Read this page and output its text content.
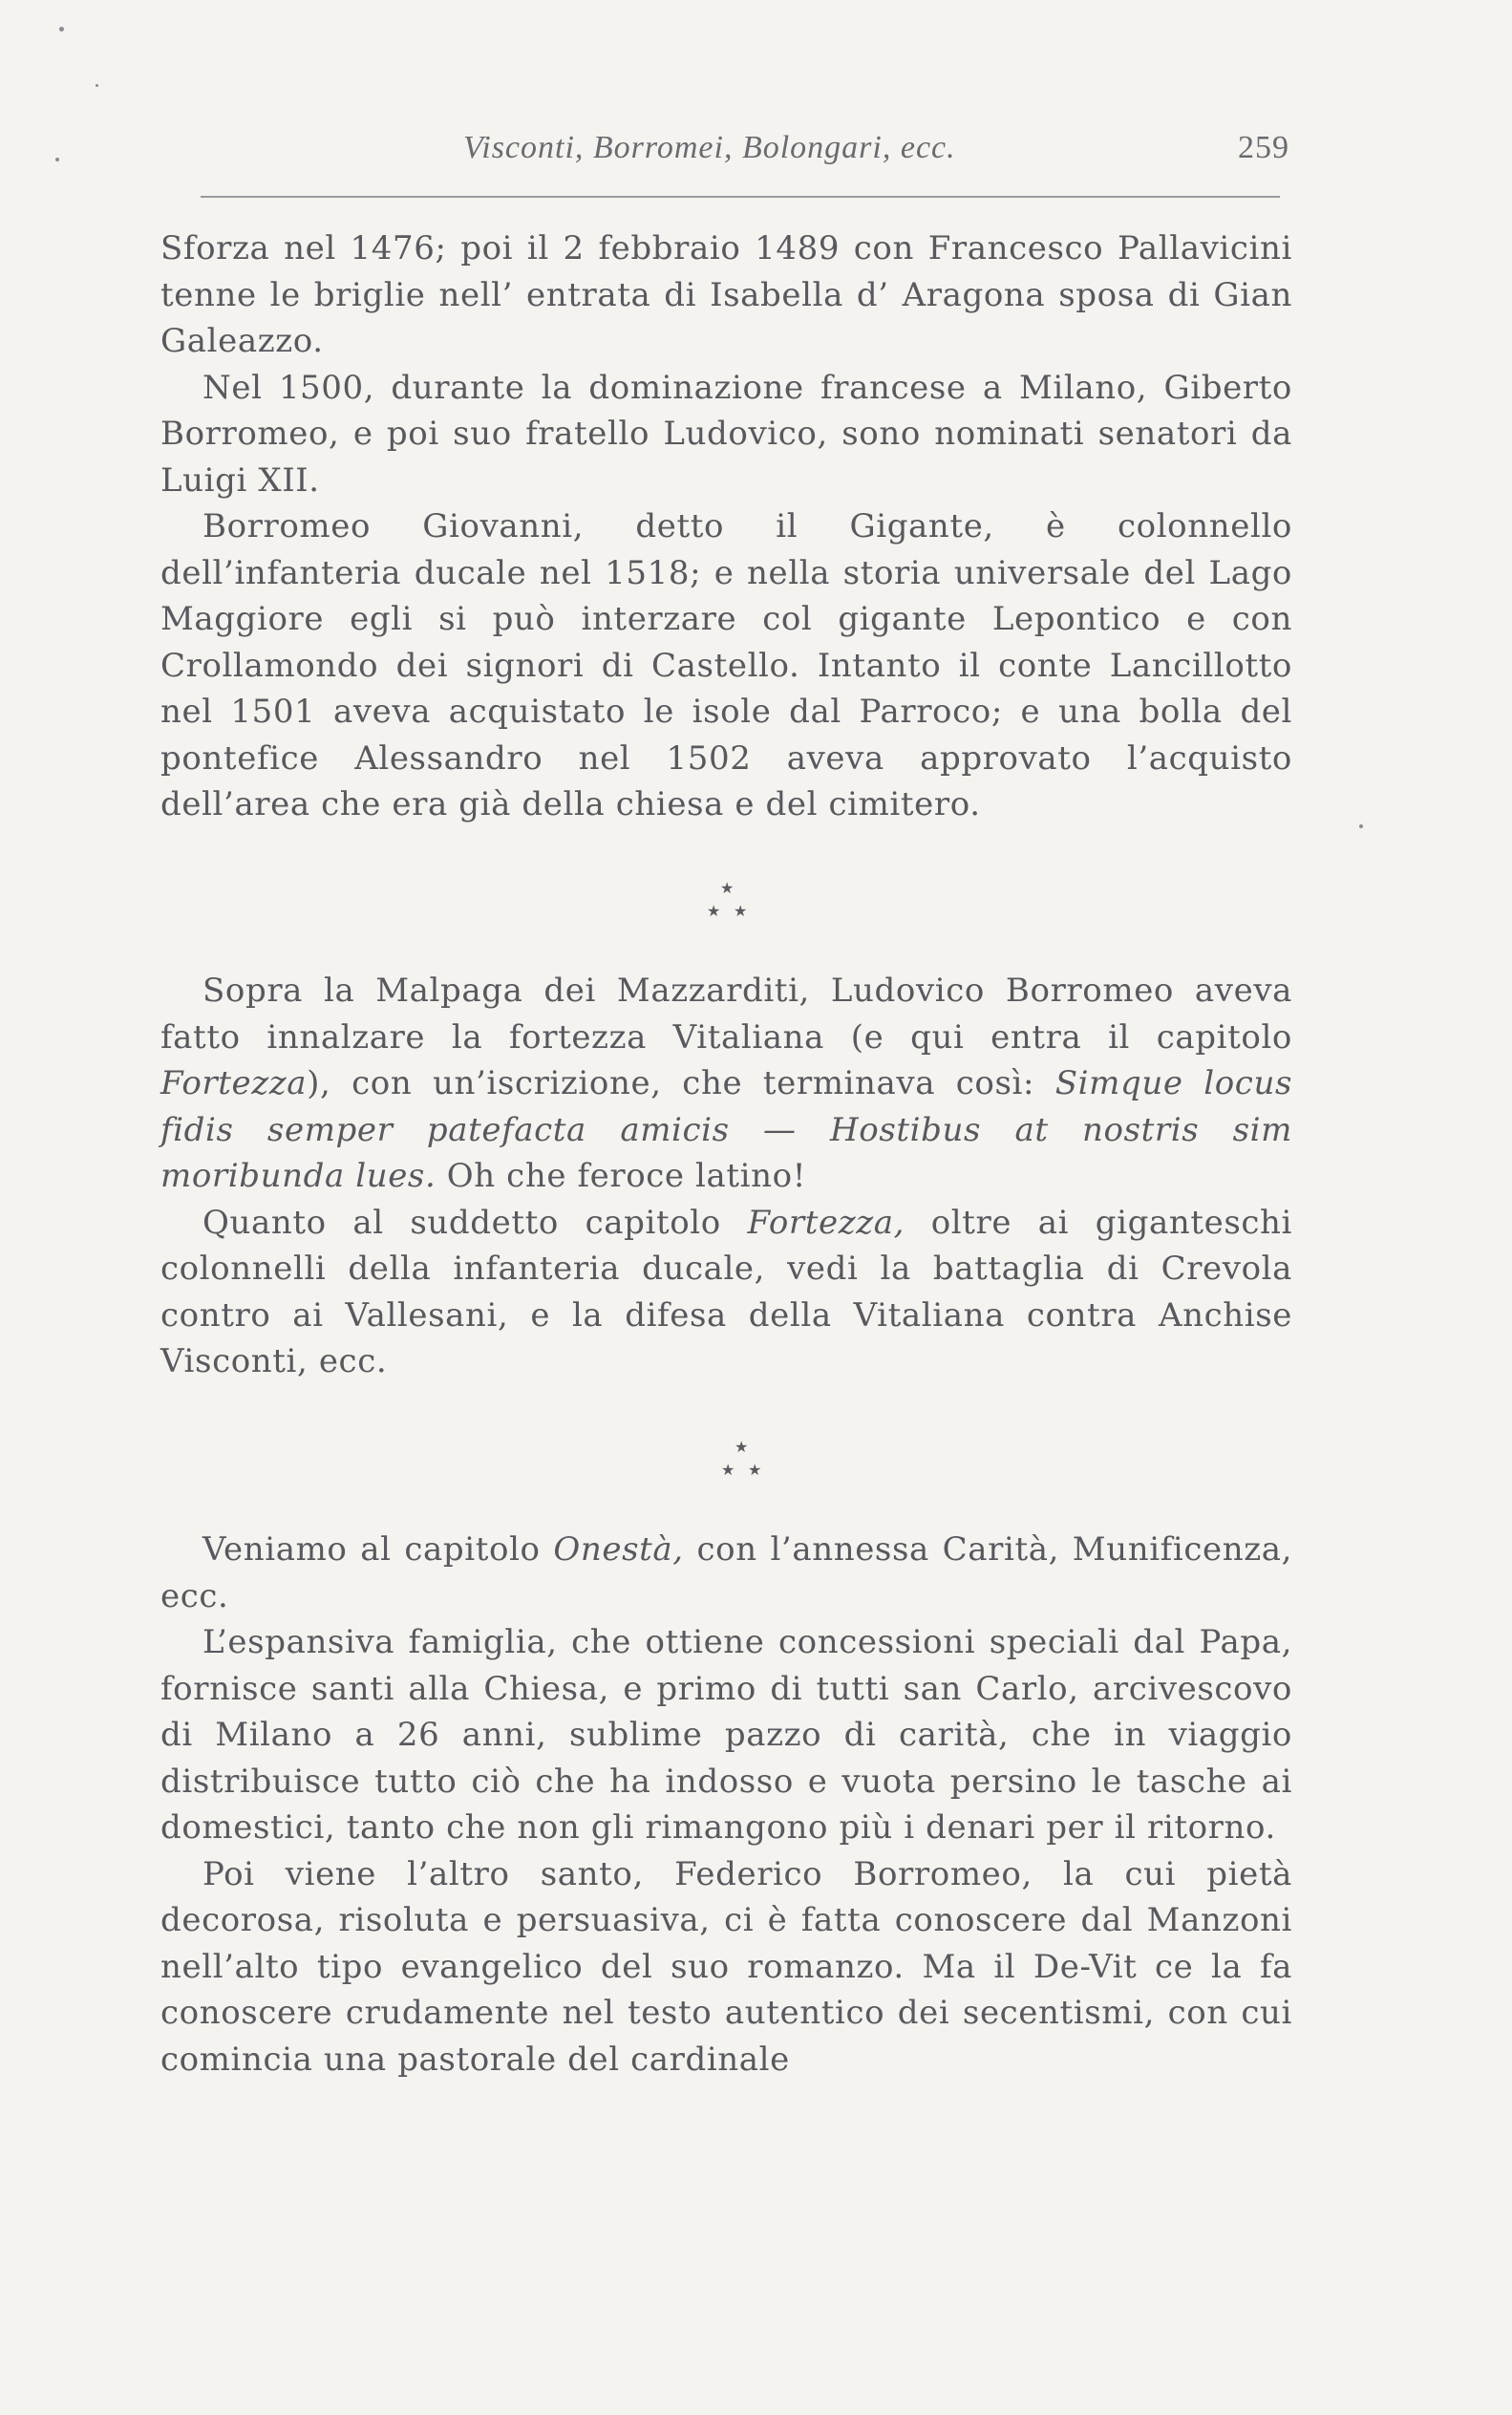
Visconti, Borromei, Bolongari, ecc.	259

Sforza nel 1476; poi il 2 febbraio 1489 con Francesco Pallavicini tenne le briglie nell’ entrata di Isabella d’ Aragona sposa di Gian Galeazzo.

Nel 1500, durante la dominazione francese a Milano, Giberto Borromeo, e poi suo fratello Ludovico, sono nominati senatori da Luigi XII.

Borromeo Giovanni, detto il Gigante, è colonnello dell’infanteria ducale nel 1518; e nella storia universale del Lago Maggiore egli si può interzare col gigante Lepontico e con Crollamondo dei signori di Castello. Intanto il conte Lancillotto nel 1501 aveva acquistato le isole dal Parroco; e una bolla del pontefice Alessandro nel 1502 aveva approvato l’acquisto dell’area che era già della chiesa e del cimitero.

★
★ ★

Sopra la Malpaga dei Mazzarditi, Ludovico Borromeo aveva fatto innalzare la fortezza Vitaliana (e qui entra il capitolo Fortezza), con un’iscrizione, che terminava così: Simque locus fidis semper patefacta amicis — Hostibus at nostris sim moribunda lues. Oh che feroce latino!

Quanto al suddetto capitolo Fortezza, oltre ai giganteschi colonnelli della infanteria ducale, vedi la battaglia di Crevola contro ai Vallesani, e la difesa della Vitaliana contra Anchise Visconti, ecc.

★
★ ★

Veniamo al capitolo Onestà, con l’annessa Carità, Munificenza, ecc.

L’espansiva famiglia, che ottiene concessioni speciali dal Papa, fornisce santi alla Chiesa, e primo di tutti san Carlo, arcivescovo di Milano a 26 anni, sublime pazzo di carità, che in viaggio distribuisce tutto ciò che ha indosso e vuota persino le tasche ai domestici, tanto che non gli rimangono più i denari per il ritorno.

Poi viene l’altro santo, Federico Borromeo, la cui pietà decorosa, risoluta e persuasiva, ci è fatta conoscere dal Manzoni nell’alto tipo evangelico del suo romanzo. Ma il De-Vit ce la fa conoscere crudamente nel testo autentico dei secentismi, con cui comincia una pastorale del cardinale
